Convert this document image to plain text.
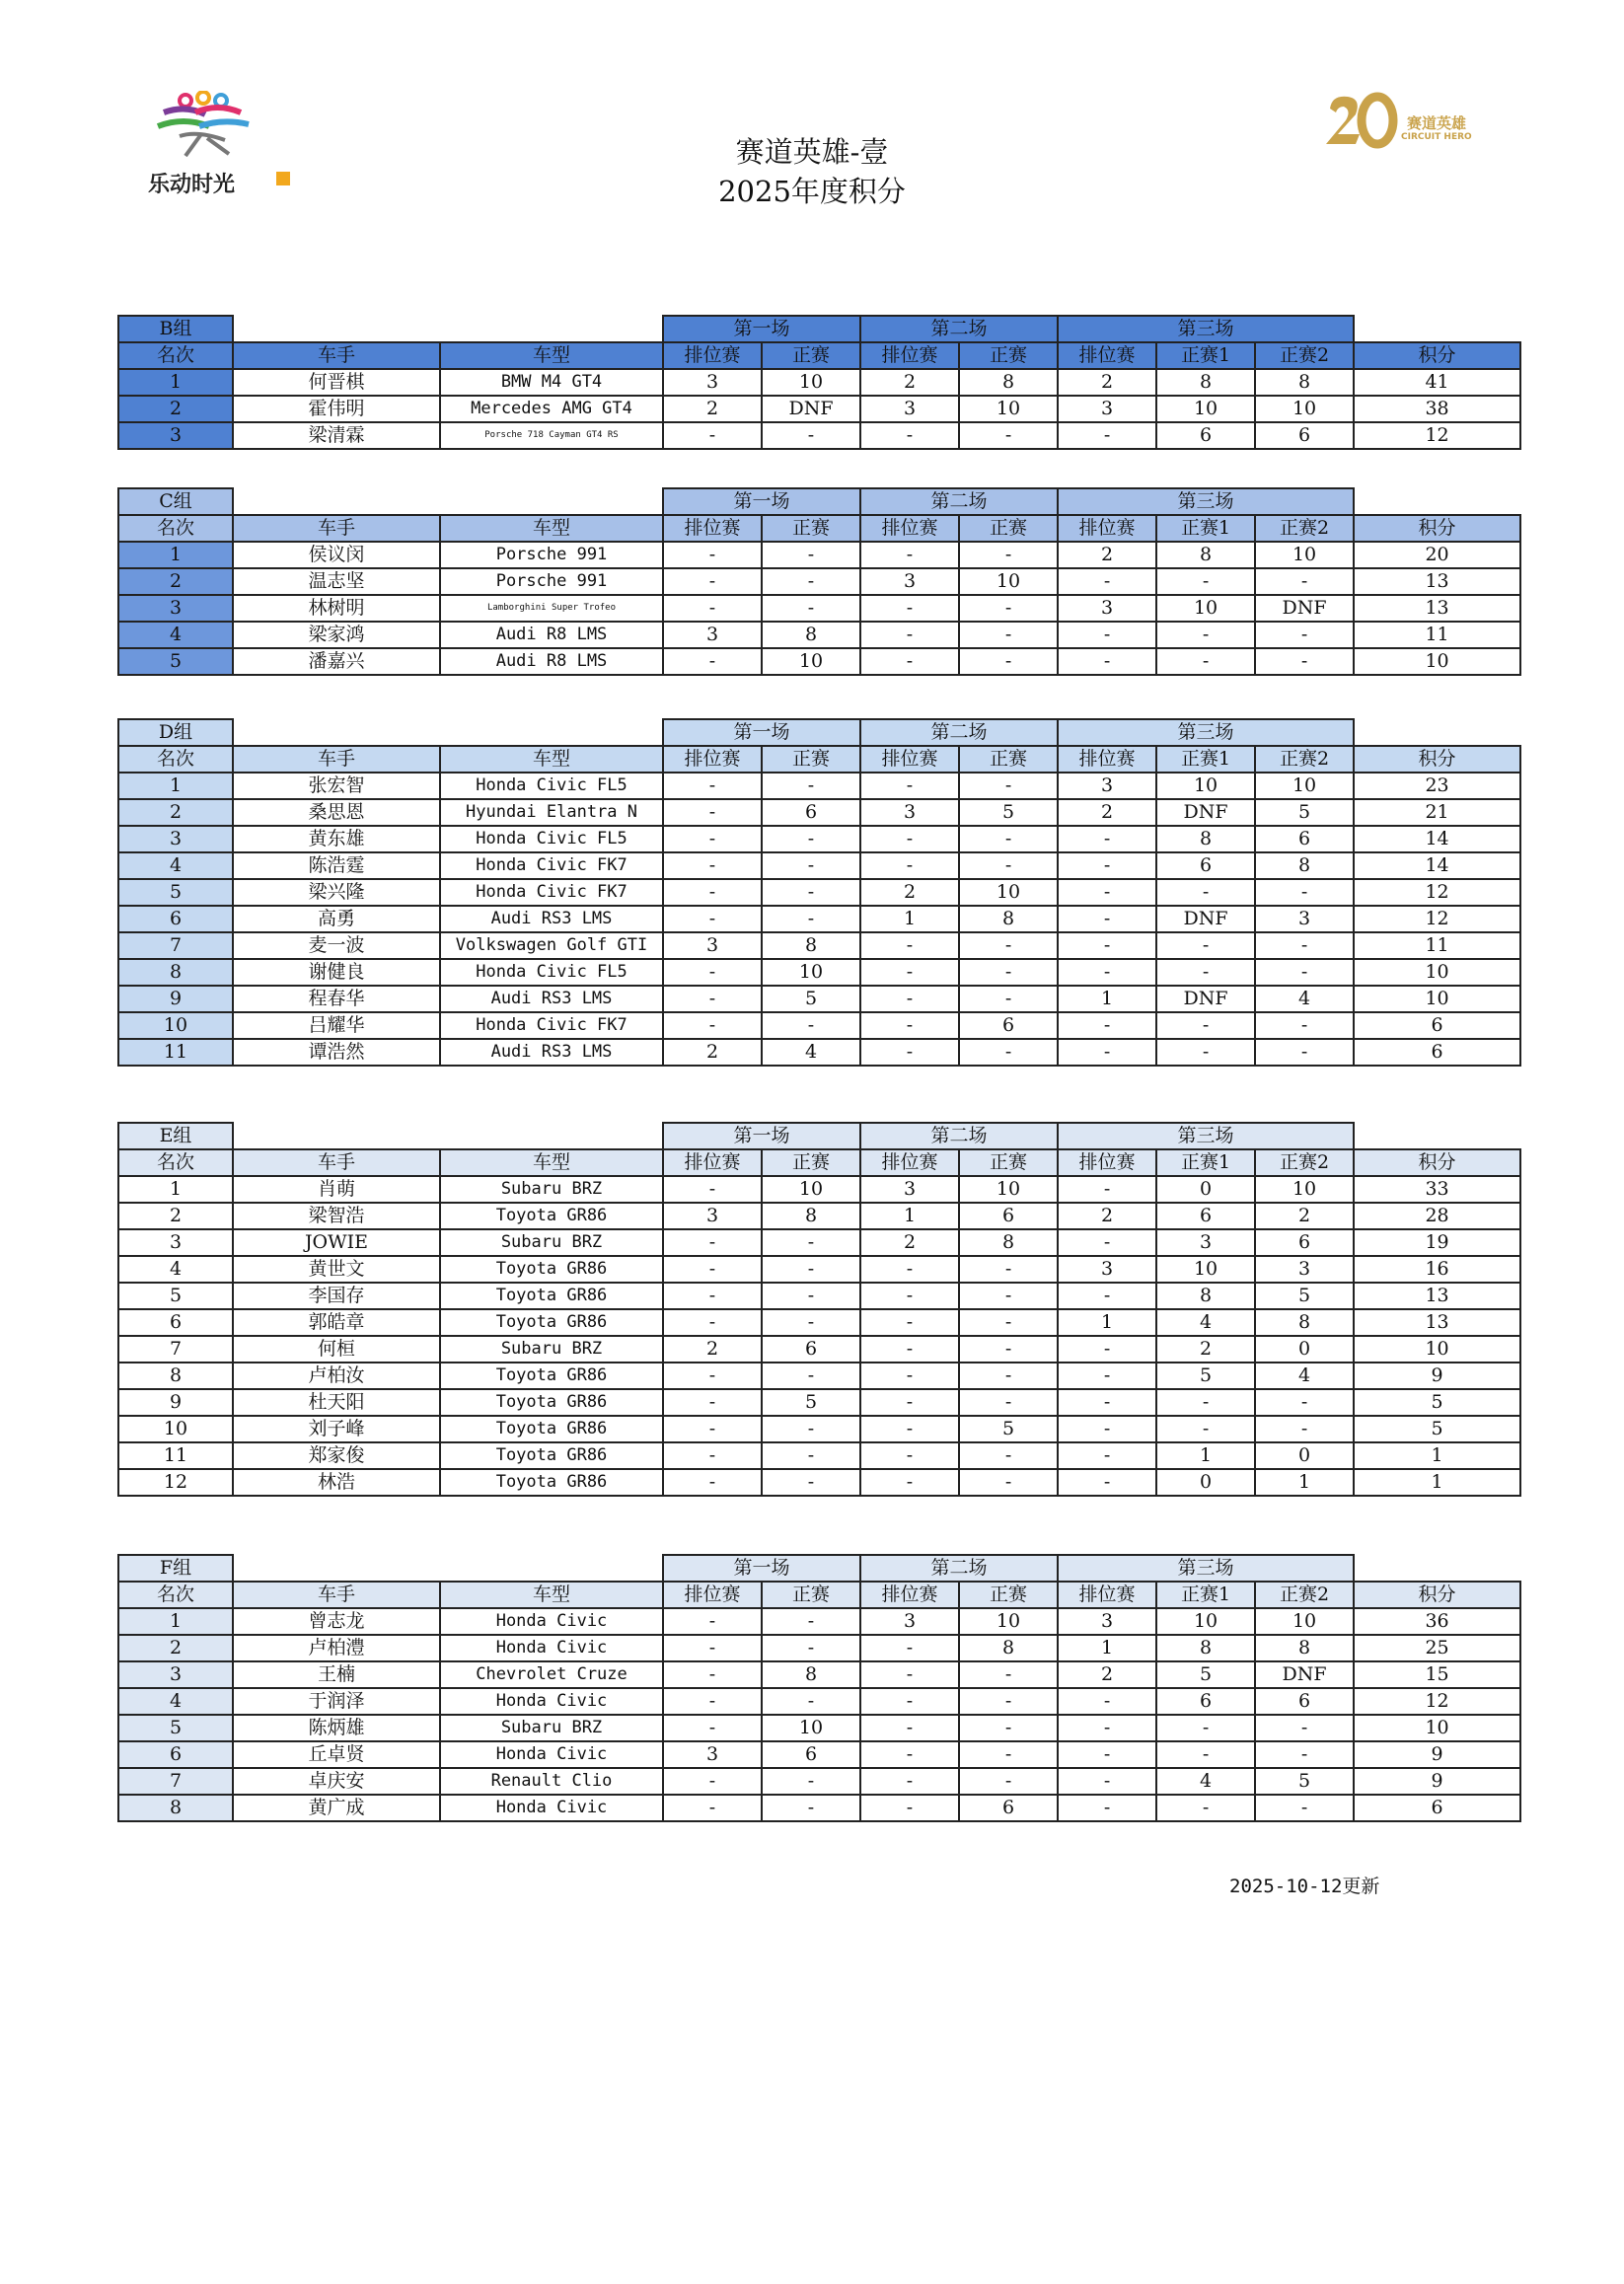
乐动时光
赛道英雄
CIRCUIT HERO
赛道英雄-壹
2025年度积分
B组			第一场		第二场		第三场			
名次	车手	车型	排位赛	正赛	排位赛	正赛	排位赛	正赛1	正赛2	积分
1	何晋棋	BMW M4 GT4	3	10	2	8	2	8	8	41
2	霍伟明	Mercedes AMG GT4	2	DNF	3	10	3	10	10	38
3	梁清霖	Porsche 718 Cayman GT4 RS	-	-	-	-	-	6	6	12
C组			第一场		第二场		第三场			
名次	车手	车型	排位赛	正赛	排位赛	正赛	排位赛	正赛1	正赛2	积分
1	侯议闵	Porsche 991	-	-	-	-	2	8	10	20
2	温志坚	Porsche 991	-	-	3	10	-	-	-	13
3	林树明	Lamborghini Super Trofeo	-	-	-	-	3	10	DNF	13
4	梁家鸿	Audi R8 LMS	3	8	-	-	-	-	-	11
5	潘嘉兴	Audi R8 LMS	-	10	-	-	-	-	-	10
D组			第一场		第二场		第三场			
名次	车手	车型	排位赛	正赛	排位赛	正赛	排位赛	正赛1	正赛2	积分
1	张宏智	Honda Civic FL5	-	-	-	-	3	10	10	23
2	桑思恩	Hyundai Elantra N	-	6	3	5	2	DNF	5	21
3	黄东雄	Honda Civic FL5	-	-	-	-	-	8	6	14
4	陈浩霆	Honda Civic FK7	-	-	-	-	-	6	8	14
5	梁兴隆	Honda Civic FK7	-	-	2	10	-	-	-	12
6	高勇	Audi RS3 LMS	-	-	1	8	-	DNF	3	12
7	麦一波	Volkswagen Golf GTI	3	8	-	-	-	-	-	11
8	谢健良	Honda Civic FL5	-	10	-	-	-	-	-	10
9	程春华	Audi RS3 LMS	-	5	-	-	1	DNF	4	10
10	吕耀华	Honda Civic FK7	-	-	-	6	-	-	-	6
11	谭浩然	Audi RS3 LMS	2	4	-	-	-	-	-	6
E组			第一场		第二场		第三场			
名次	车手	车型	排位赛	正赛	排位赛	正赛	排位赛	正赛1	正赛2	积分
1	肖萌	Subaru BRZ	-	10	3	10	-	0	10	33
2	梁智浩	Toyota GR86	3	8	1	6	2	6	2	28
3	JOWIE	Subaru BRZ	-	-	2	8	-	3	6	19
4	黄世文	Toyota GR86	-	-	-	-	3	10	3	16
5	李国存	Toyota GR86	-	-	-	-	-	8	5	13
6	郭皓章	Toyota GR86	-	-	-	-	1	4	8	13
7	何桓	Subaru BRZ	2	6	-	-	-	2	0	10
8	卢柏汝	Toyota GR86	-	-	-	-	-	5	4	9
9	杜天阳	Toyota GR86	-	5	-	-	-	-	-	5
10	刘子峰	Toyota GR86	-	-	-	5	-	-	-	5
11	郑家俊	Toyota GR86	-	-	-	-	-	1	0	1
12	林浩	Toyota GR86	-	-	-	-	-	0	1	1
F组			第一场		第二场		第三场			
名次	车手	车型	排位赛	正赛	排位赛	正赛	排位赛	正赛1	正赛2	积分
1	曾志龙	Honda Civic	-	-	3	10	3	10	10	36
2	卢柏澧	Honda Civic	-	-	-	8	1	8	8	25
3	王楠	Chevrolet Cruze	-	8	-	-	2	5	DNF	15
4	于润泽	Honda Civic	-	-	-	-	-	6	6	12
5	陈炳雄	Subaru BRZ	-	10	-	-	-	-	-	10
6	丘卓贤	Honda Civic	3	6	-	-	-	-	-	9
7	卓庆安	Renault Clio	-	-	-	-	-	4	5	9
8	黄广成	Honda Civic	-	-	-	6	-	-	-	6
2025-10-12更新
